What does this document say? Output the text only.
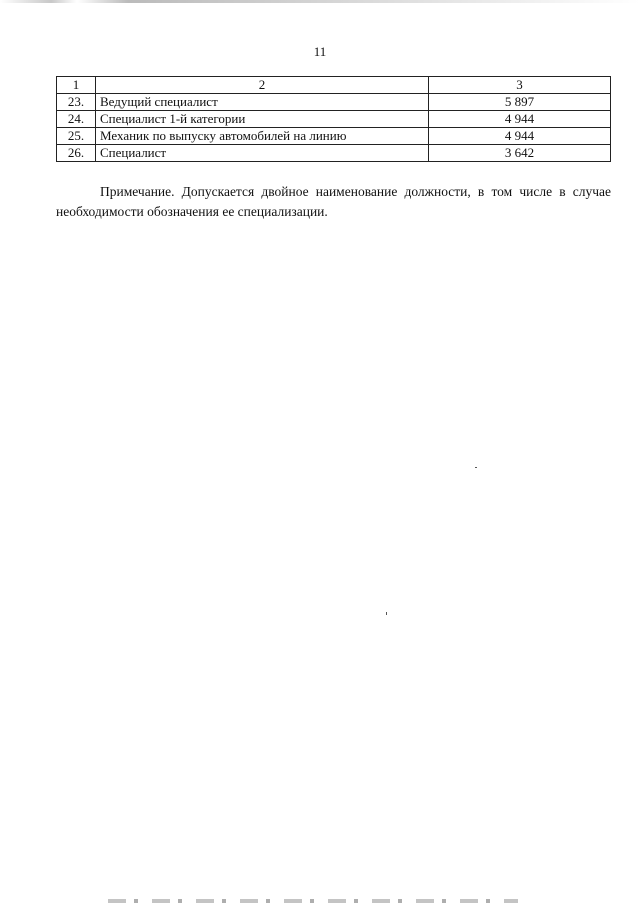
11
1	2	3
23.	Ведущий специалист	5 897
24.	Специалист 1-й категории	4 944
25.	Механик по выпуску автомобилей на линию	4 944
26.	Специалист	3 642

Примечание. Допускается двойное наименование должности, в том числе в случае необходимости обозначения ее специализации.
